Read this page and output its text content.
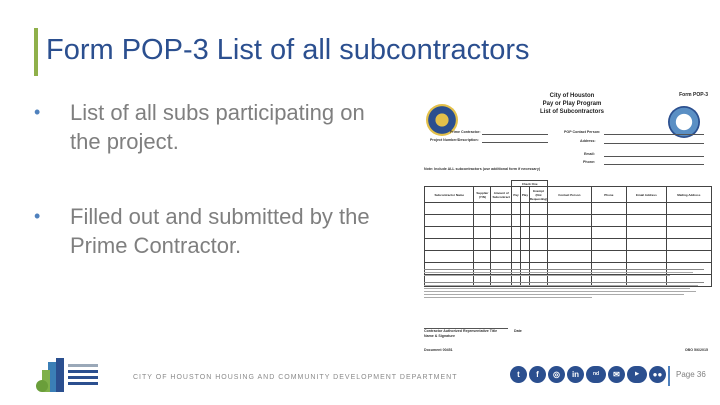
Form POP-3 List of all subcontractors
• List of all subs participating on the project.
• Filled out and submitted by the Prime Contractor.
City of Houston
Pay or Play Program
List of Subcontractors
Form POP-3
Prime Contractor:
Project Number/Description:
POP Contact Person:
Address:
Email:
Phone:
Note: Include ALL subcontractors (use additional form if necessary)
			Check One						
Subcontractor Name	Supplier (Y/N)	Amount of Subcontract	Pay	Play	Exempt (Not Requesting)	Contact Person	Phone	Email Address	Mailing Address

Contractor Authorized Representative Title	Date
Name & Signature
Document 00451	OBO 5/6/2015
CITY OF HOUSTON HOUSING AND COMMUNITY DEVELOPMENT DEPARTMENT	t	f	◎	in	nd	✉	▶	●●	Page 36
